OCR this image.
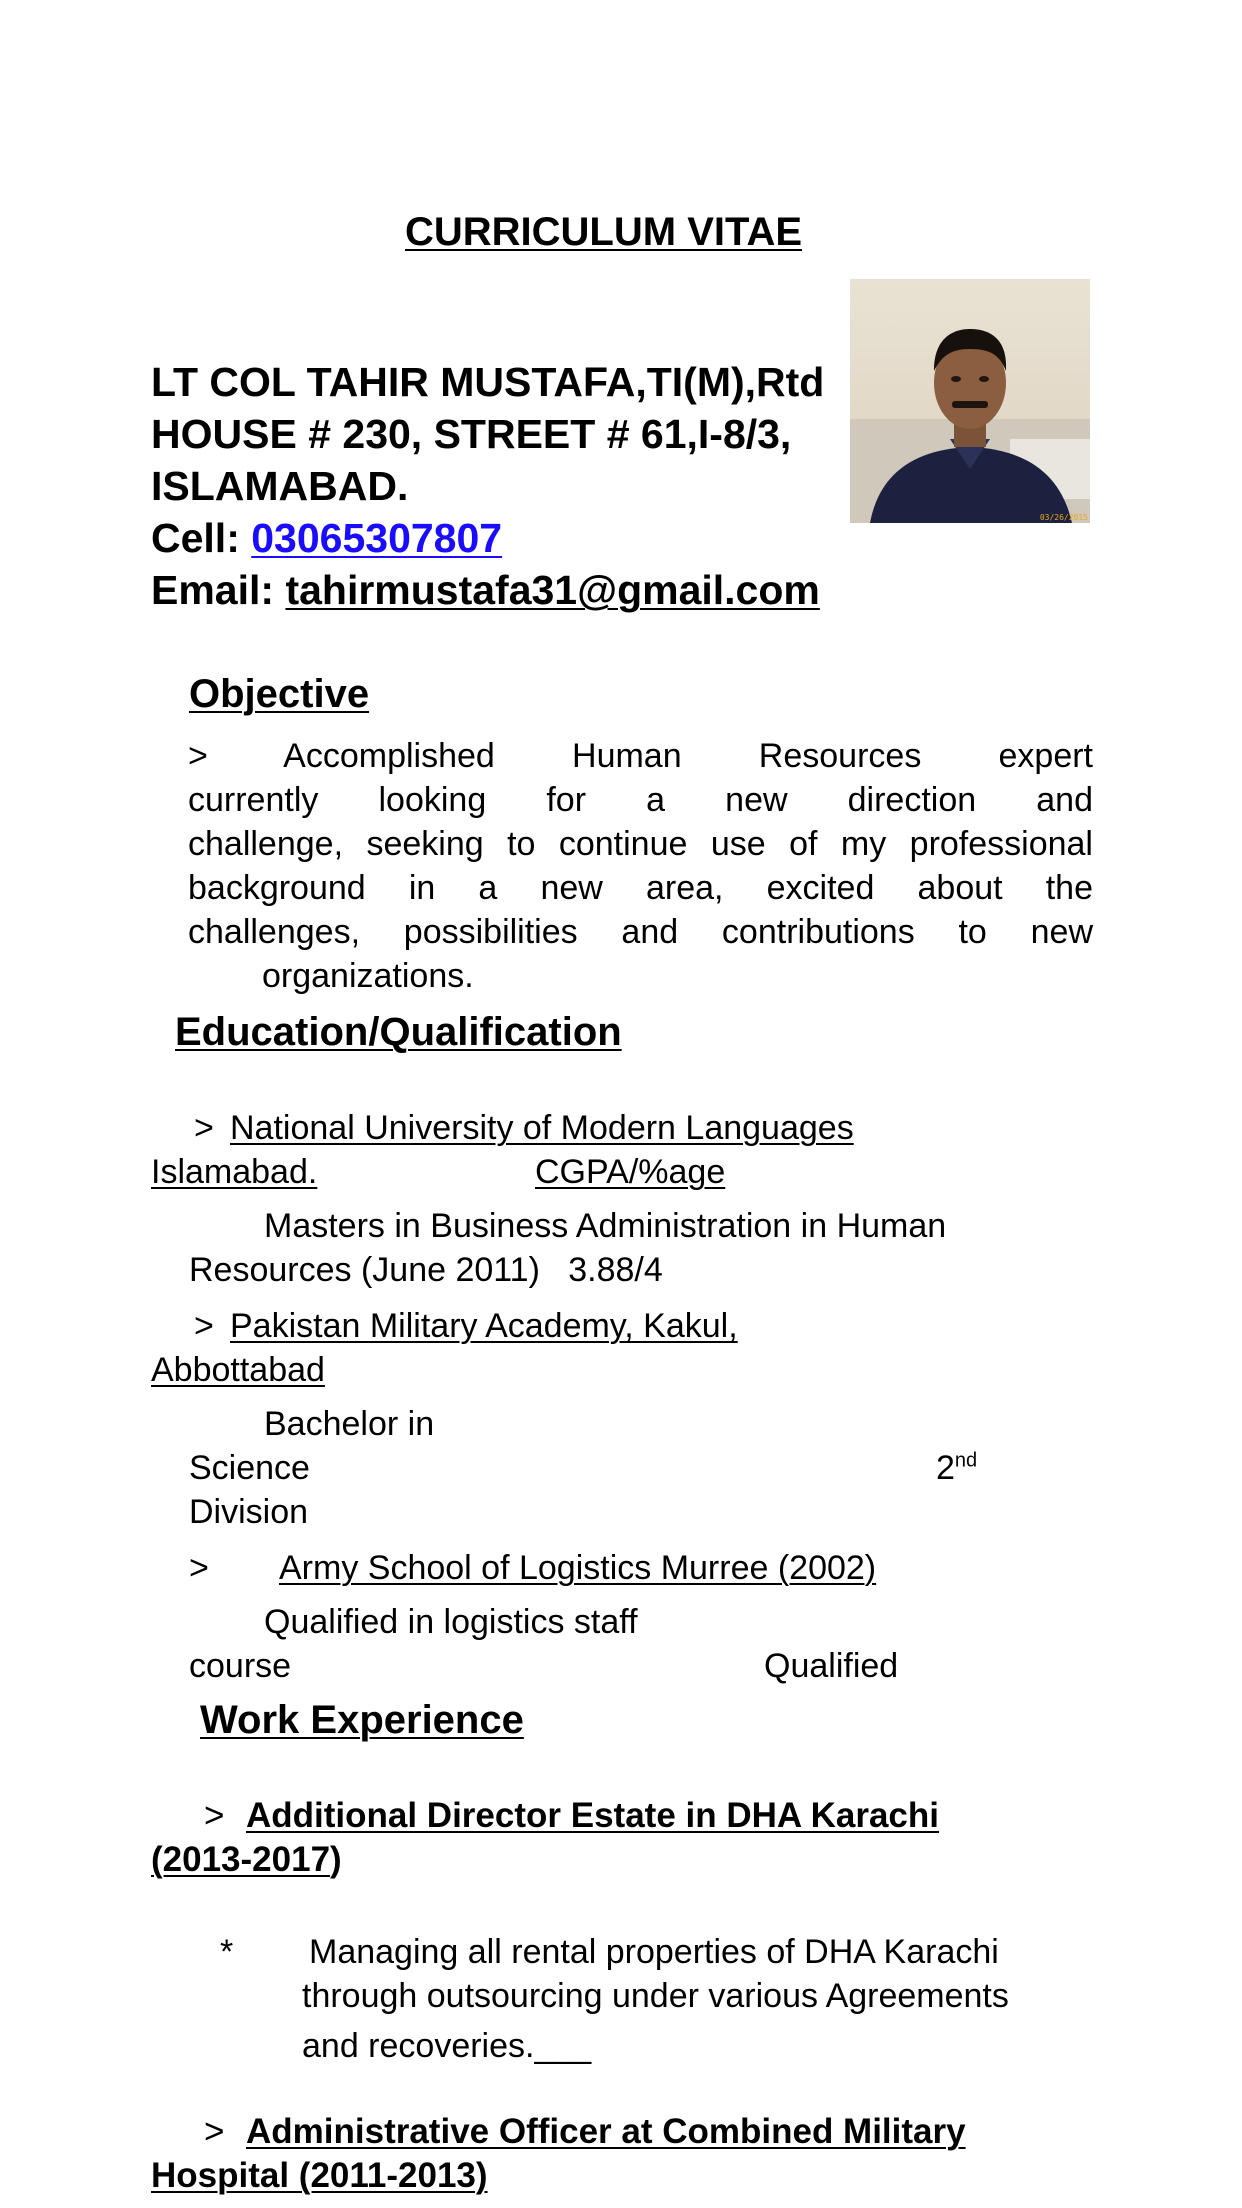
CURRICULUM VITAE
03/26/2015
LT COL TAHIR MUSTAFA,TI(M),Rtd
HOUSE # 230, STREET # 61,I-8/3,
ISLAMABAD.
Cell: 03065307807
Email: tahirmustafa31@gmail.com
Objective
> Accomplished Human Resources expert
currently looking for a new direction and
challenge, seeking to continue use of my professional
background in a new area, excited about the
challenges, possibilities and contributions to new
organizations.
Education/Qualification
> National University of Modern Languages
Islamabad.	CGPA/%age
Masters in Business Administration in Human
Resources (June 2011)   3.88/4
> Pakistan Military Academy, Kakul,
Abbottabad
Bachelor in
Science	2nd
Division
> Army School of Logistics Murree (2002)
Qualified in logistics staff
course	Qualified
Work Experience
> Additional Director Estate in DHA Karachi
(2013-2017)
* Managing all rental properties of DHA Karachi
through outsourcing under various Agreements
and recoveries.___
> Administrative Officer at Combined Military
Hospital (2011-2013)
